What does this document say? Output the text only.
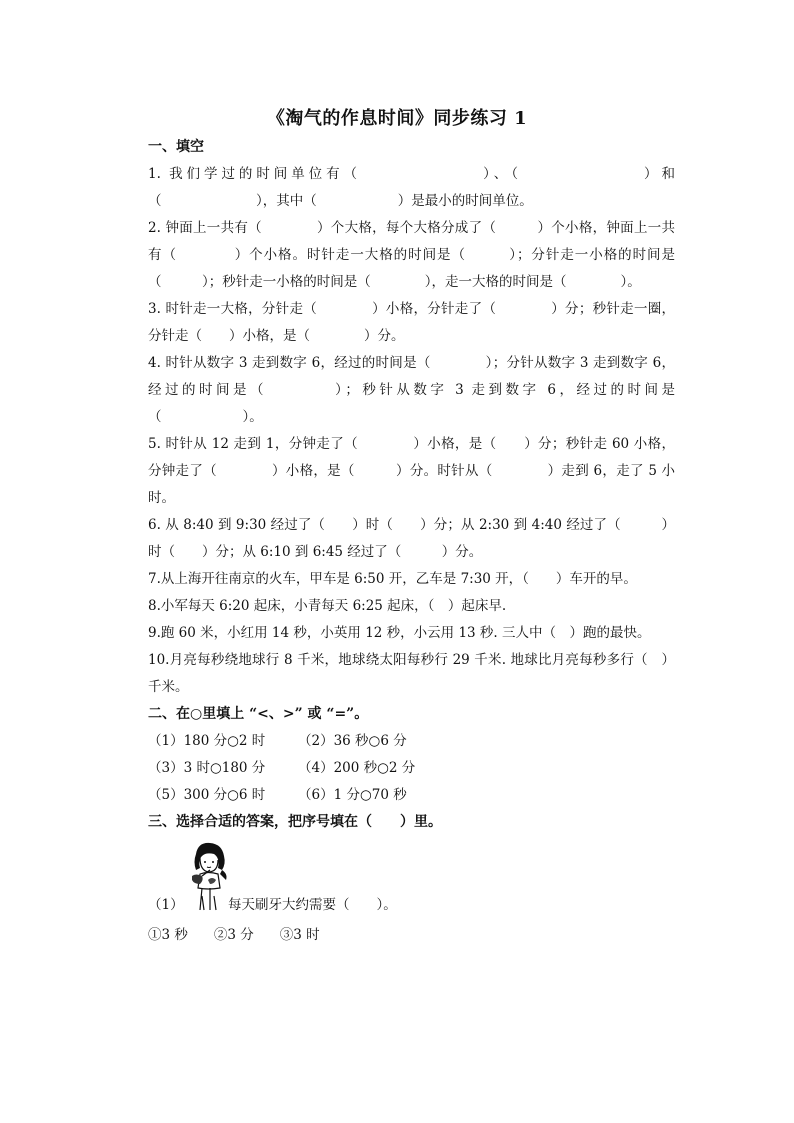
《淘气的作息时间》同步练习 1
一、填空
1. 我们学过的时间单位有（　　　　　　　）、（　　　　　　　）和（　　　　　　　），其中（　　　　　　）是最小的时间单位。
2. 钟面上一共有（　　　　）个大格，每个大格分成了（　　　）个小格，钟面上一共有（　　　　）个小格。时针走一大格的时间是（　　　）；分针走一小格的时间是（　　　）；秒针走一小格的时间是（　　　　），走一大格的时间是（　　　　）。
3. 时针走一大格，分针走（　　　　）小格，分针走了（　　　　）分；秒针走一圈，分针走（　　）小格，是（　　　　）分。
4. 时针从数字 3 走到数字 6，经过的时间是（　　　　）；分针从数字 3 走到数字 6，经过的时间是（　　　　）；秒针从数字 3 走到数字 6，经过的时间是（　　　　　　）。
5. 时针从 12 走到 1，分钟走了（　　　　）小格，是（　　）分；秒针走 60 小格，分钟走了（　　　　）小格，是（　　　）分。时针从（　　　　）走到 6，走了 5 小时。
6. 从 8:40 到 9:30 经过了（　　）时（　　）分；从 2:30 到 4:40 经过了（　　　）时（　　）分；从 6:10 到 6:45 经过了（　　　）分。
7.从上海开往南京的火车，甲车是 6:50 开，乙车是 7:30 开，（　　）车开的早。
8.小军每天 6:20 起床，小青每天 6:25 起床，（　）起床早.
9.跑 60 米，小红用 14 秒，小英用 12 秒，小云用 13 秒. 三人中（　）跑的最快。
10.月亮每秒绕地球行 8 千米，地球绕太阳每秒行 29 千米. 地球比月亮每秒多行（　）千米。
二、在○里填上 “<、>” 或 “=”。
（1）180 分○2 时	（2）36 秒○6 分
（3）3 时○180 分	（4）200 秒○2 分
（5）300 分○6 时	（6）1 分○70 秒
三、选择合适的答案，把序号填在（　　）里。
（1）	每天刷牙大约需要（　　）。
①3 秒 ②3 分 ③3 时
